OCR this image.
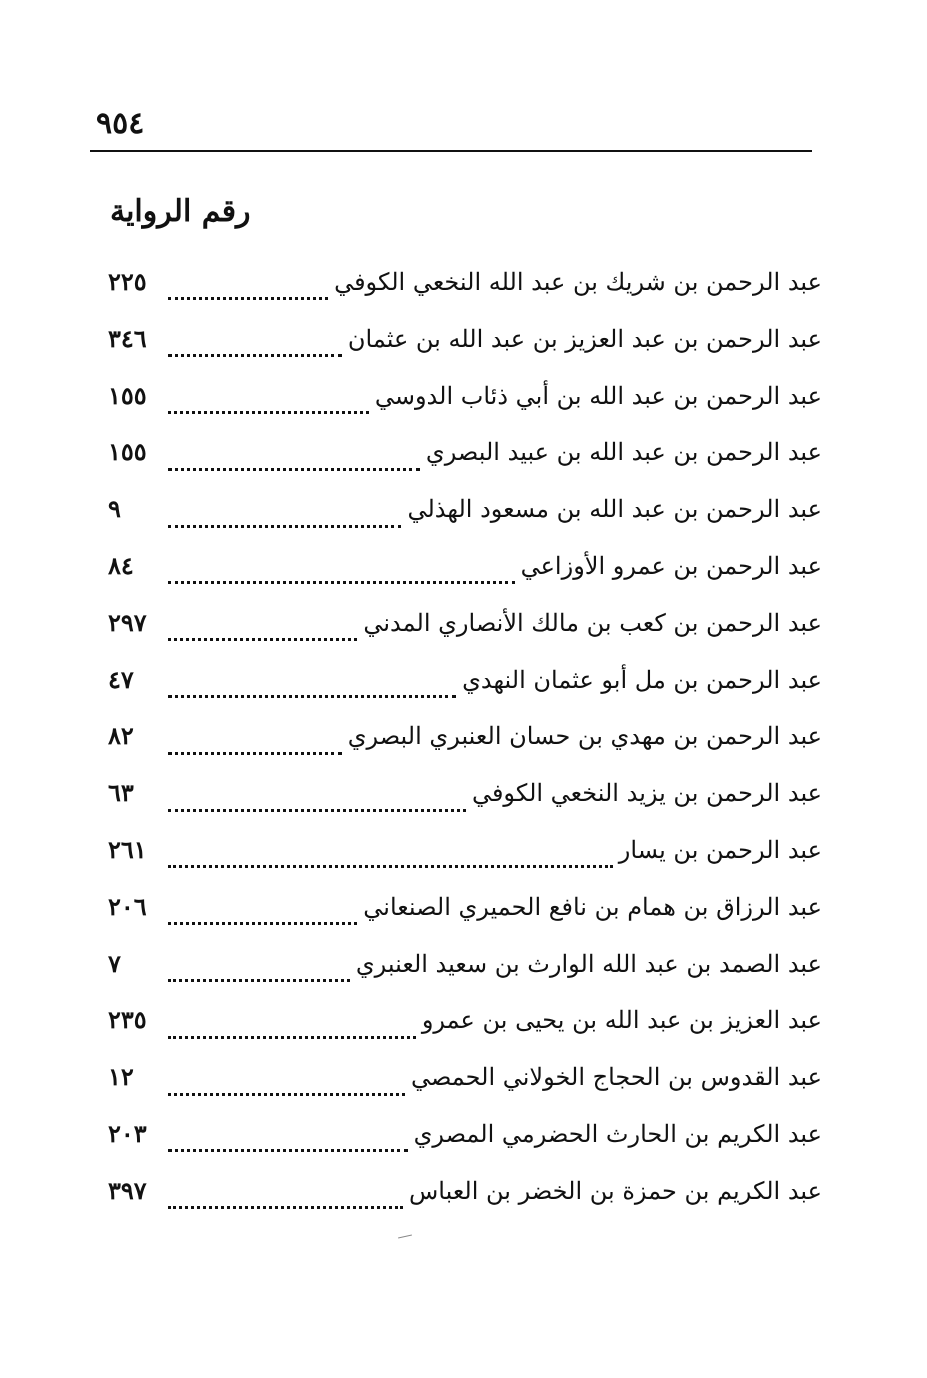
٩٥٤
رقم الرواية
عبد الرحمن بن شريك بن عبد الله النخعي الكوفي
٢٢٥
عبد الرحمن بن عبد العزيز بن عبد الله بن عثمان
٣٤٦
عبد الرحمن بن عبد الله بن أبي ذئاب الدوسي
١٥٥
عبد الرحمن بن عبد الله بن عبيد البصري
١٥٥
عبد الرحمن بن عبد الله بن مسعود الهذلي
٩
عبد الرحمن بن عمرو الأوزاعي
٨٤
عبد الرحمن بن كعب بن مالك الأنصاري المدني
٢٩٧
عبد الرحمن بن مل أبو عثمان النهدي
٤٧
عبد الرحمن بن مهدي بن حسان العنبري البصري
٨٢
عبد الرحمن بن يزيد النخعي الكوفي
٦٣
عبد الرحمن بن يسار
٢٦١
عبد الرزاق بن همام بن نافع الحميري الصنعاني
٢٠٦
عبد الصمد بن عبد الله الوارث بن سعيد العنبري
٧
عبد العزيز بن عبد الله بن يحيى بن عمرو
٢٣٥
عبد القدوس بن الحجاج الخولاني الحمصي
١٢
عبد الكريم بن الحارث الحضرمي المصري
٢٠٣
عبد الكريم بن حمزة بن الخضر بن العباس
٣٩٧
